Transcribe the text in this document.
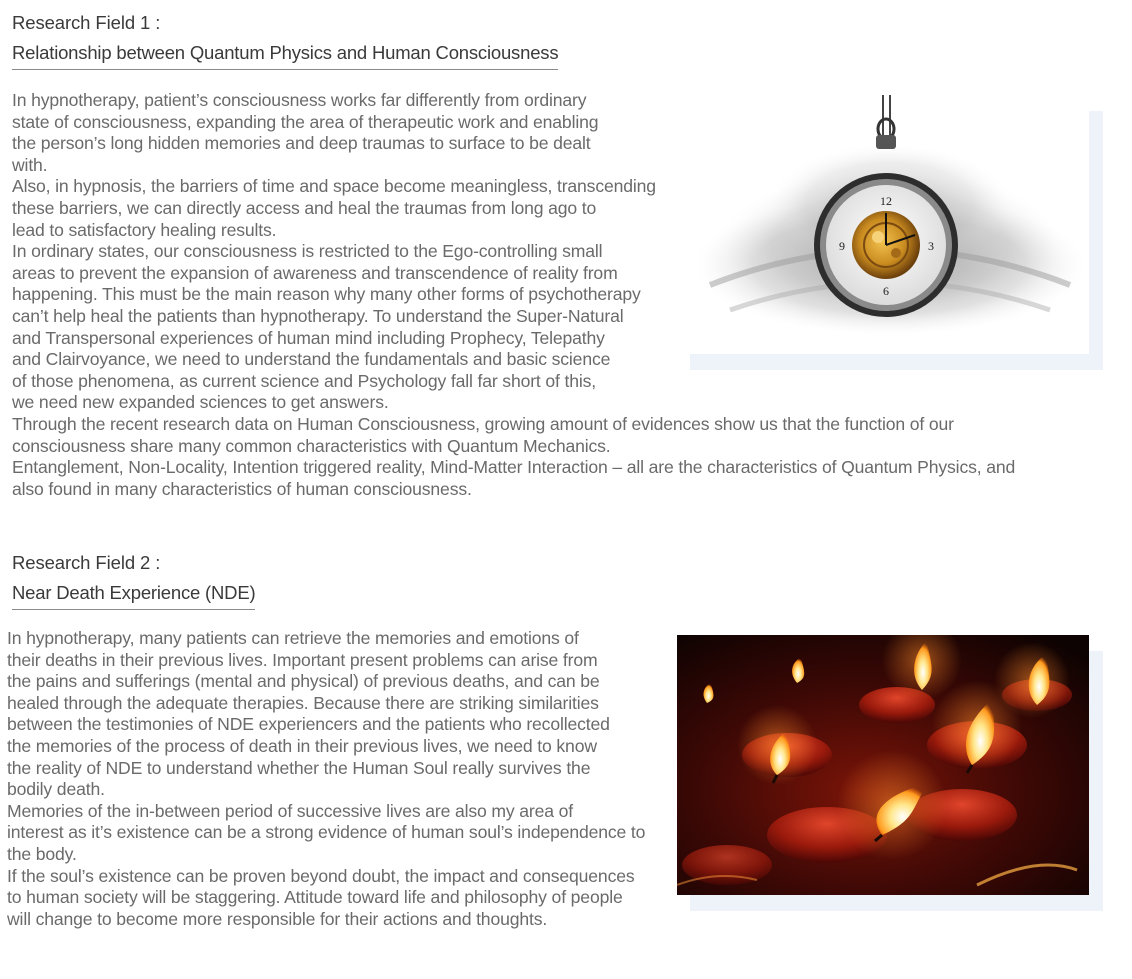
Research Field 1 :
Relationship between Quantum Physics and Human Consciousness
In hypnotherapy, patient’s consciousness works far differently from ordinary
state of consciousness, expanding the area of therapeutic work and enabling
the person’s long hidden memories and deep traumas to surface to be dealt
with.
Also, in hypnosis, the barriers of time and space become meaningless, transcending
these barriers, we can directly access and heal the traumas from long ago to
lead to satisfactory healing results.
In ordinary states, our consciousness is restricted to the Ego-controlling small
areas to prevent the expansion of awareness and transcendence of reality from
happening. This must be the main reason why many other forms of psychotherapy
can’t help heal the patients than hypnotherapy. To understand the Super-Natural
and Transpersonal experiences of human mind including Prophecy, Telepathy
and Clairvoyance, we need to understand the fundamentals and basic science
of those phenomena, as current science and Psychology fall far short of this,
we need new expanded sciences to get answers.
Through the recent research data on Human Consciousness, growing amount of evidences show us that the function of our
consciousness share many common characteristics with Quantum Mechanics.
Entanglement, Non-Locality, Intention triggered reality, Mind-Matter Interaction – all are the characteristics of Quantum Physics, and
also found in many characteristics of human consciousness.
12
3
6
9
Research Field 2 :
Near Death Experience (NDE)
In hypnotherapy, many patients can retrieve the memories and emotions of
their deaths in their previous lives. Important present problems can arise from
the pains and sufferings (mental and physical) of previous deaths, and can be
healed through the adequate therapies. Because there are striking similarities
between the testimonies of NDE experiencers and the patients who recollected
the memories of the process of death in their previous lives, we need to know
the reality of NDE to understand whether the Human Soul really survives the
bodily death.
Memories of the in-between period of successive lives are also my area of
interest as it’s existence can be a strong evidence of human soul’s independence to
the body.
If the soul’s existence can be proven beyond doubt, the impact and consequences
to human society will be staggering. Attitude toward life and philosophy of people
will change to become more responsible for their actions and thoughts.
